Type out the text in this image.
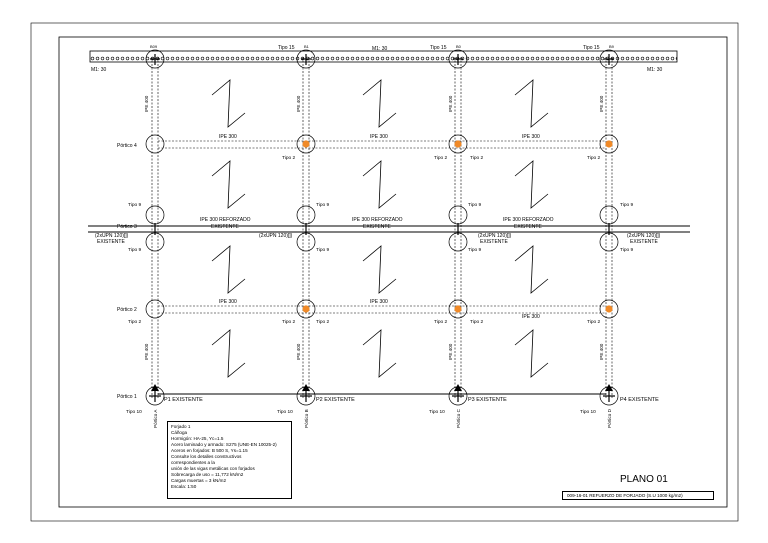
M1: 30
M1: 30
M1: 30
Tipo 15	Tipo 15	Tipo 15
B09	B1	B0	B9
IPE 400	IPE 400	IPE 400	IPE 400
IPE 400	IPE 400	IPE 400	IPE 400
Pórtico 4
Pórtico 3
Pórtico 2
Pórtico 1
IPE 300	IPE 300	IPE 300
IPE 300	IPE 300
IPE 300
IPE 300 REFORZADO	IPE 300 REFORZADO	IPE 300 REFORZADO
EXISTENTE	EXISTENTE	EXISTENTE
(2xUPN 120)[])	(2xUPN 120)[])
(2xUPN 120)[])
EXISTENTE	EXISTENTE
(2xUPN 120)[])
EXISTENTE
Tipo 2	Tipo 2	Tipo 2	Tipo 2
Tipo 9	Tipo 9	Tipo 9	Tipo 9
Tipo 9	Tipo 9	Tipo 9	Tipo 9
Tipo 2	Tipo 2	Tipo 2	Tipo 2	Tipo 2	Tipo 2
Tipo 10	Tipo 10	Tipo 10	Tipo 10
P1 EXISTENTE	P2 EXISTENTE	P3 EXISTENTE	P4 EXISTENTE
Pórtico A	Pórtico B	Pórtico C	Pórtico D
Forjado 1
Cáñoga
Hormigón: HA-25, Yc=1.5
Acero laminado y armado: S275 (UNE-EN 10025-2)
Aceros en forjados: B 500 S, Ys=1.15
Consulte los detalles constructivos
correspondientes a la
unión de las vigas metálicas con forjados
Sobrecarga de uso = 11,772 kN/m2
Cargas muertas = 3 kN/m2
Escala: 1:50
PLANO 01
009-16-01 REFUERZO DE FORJADO (S.U 1000 kg/m2)
